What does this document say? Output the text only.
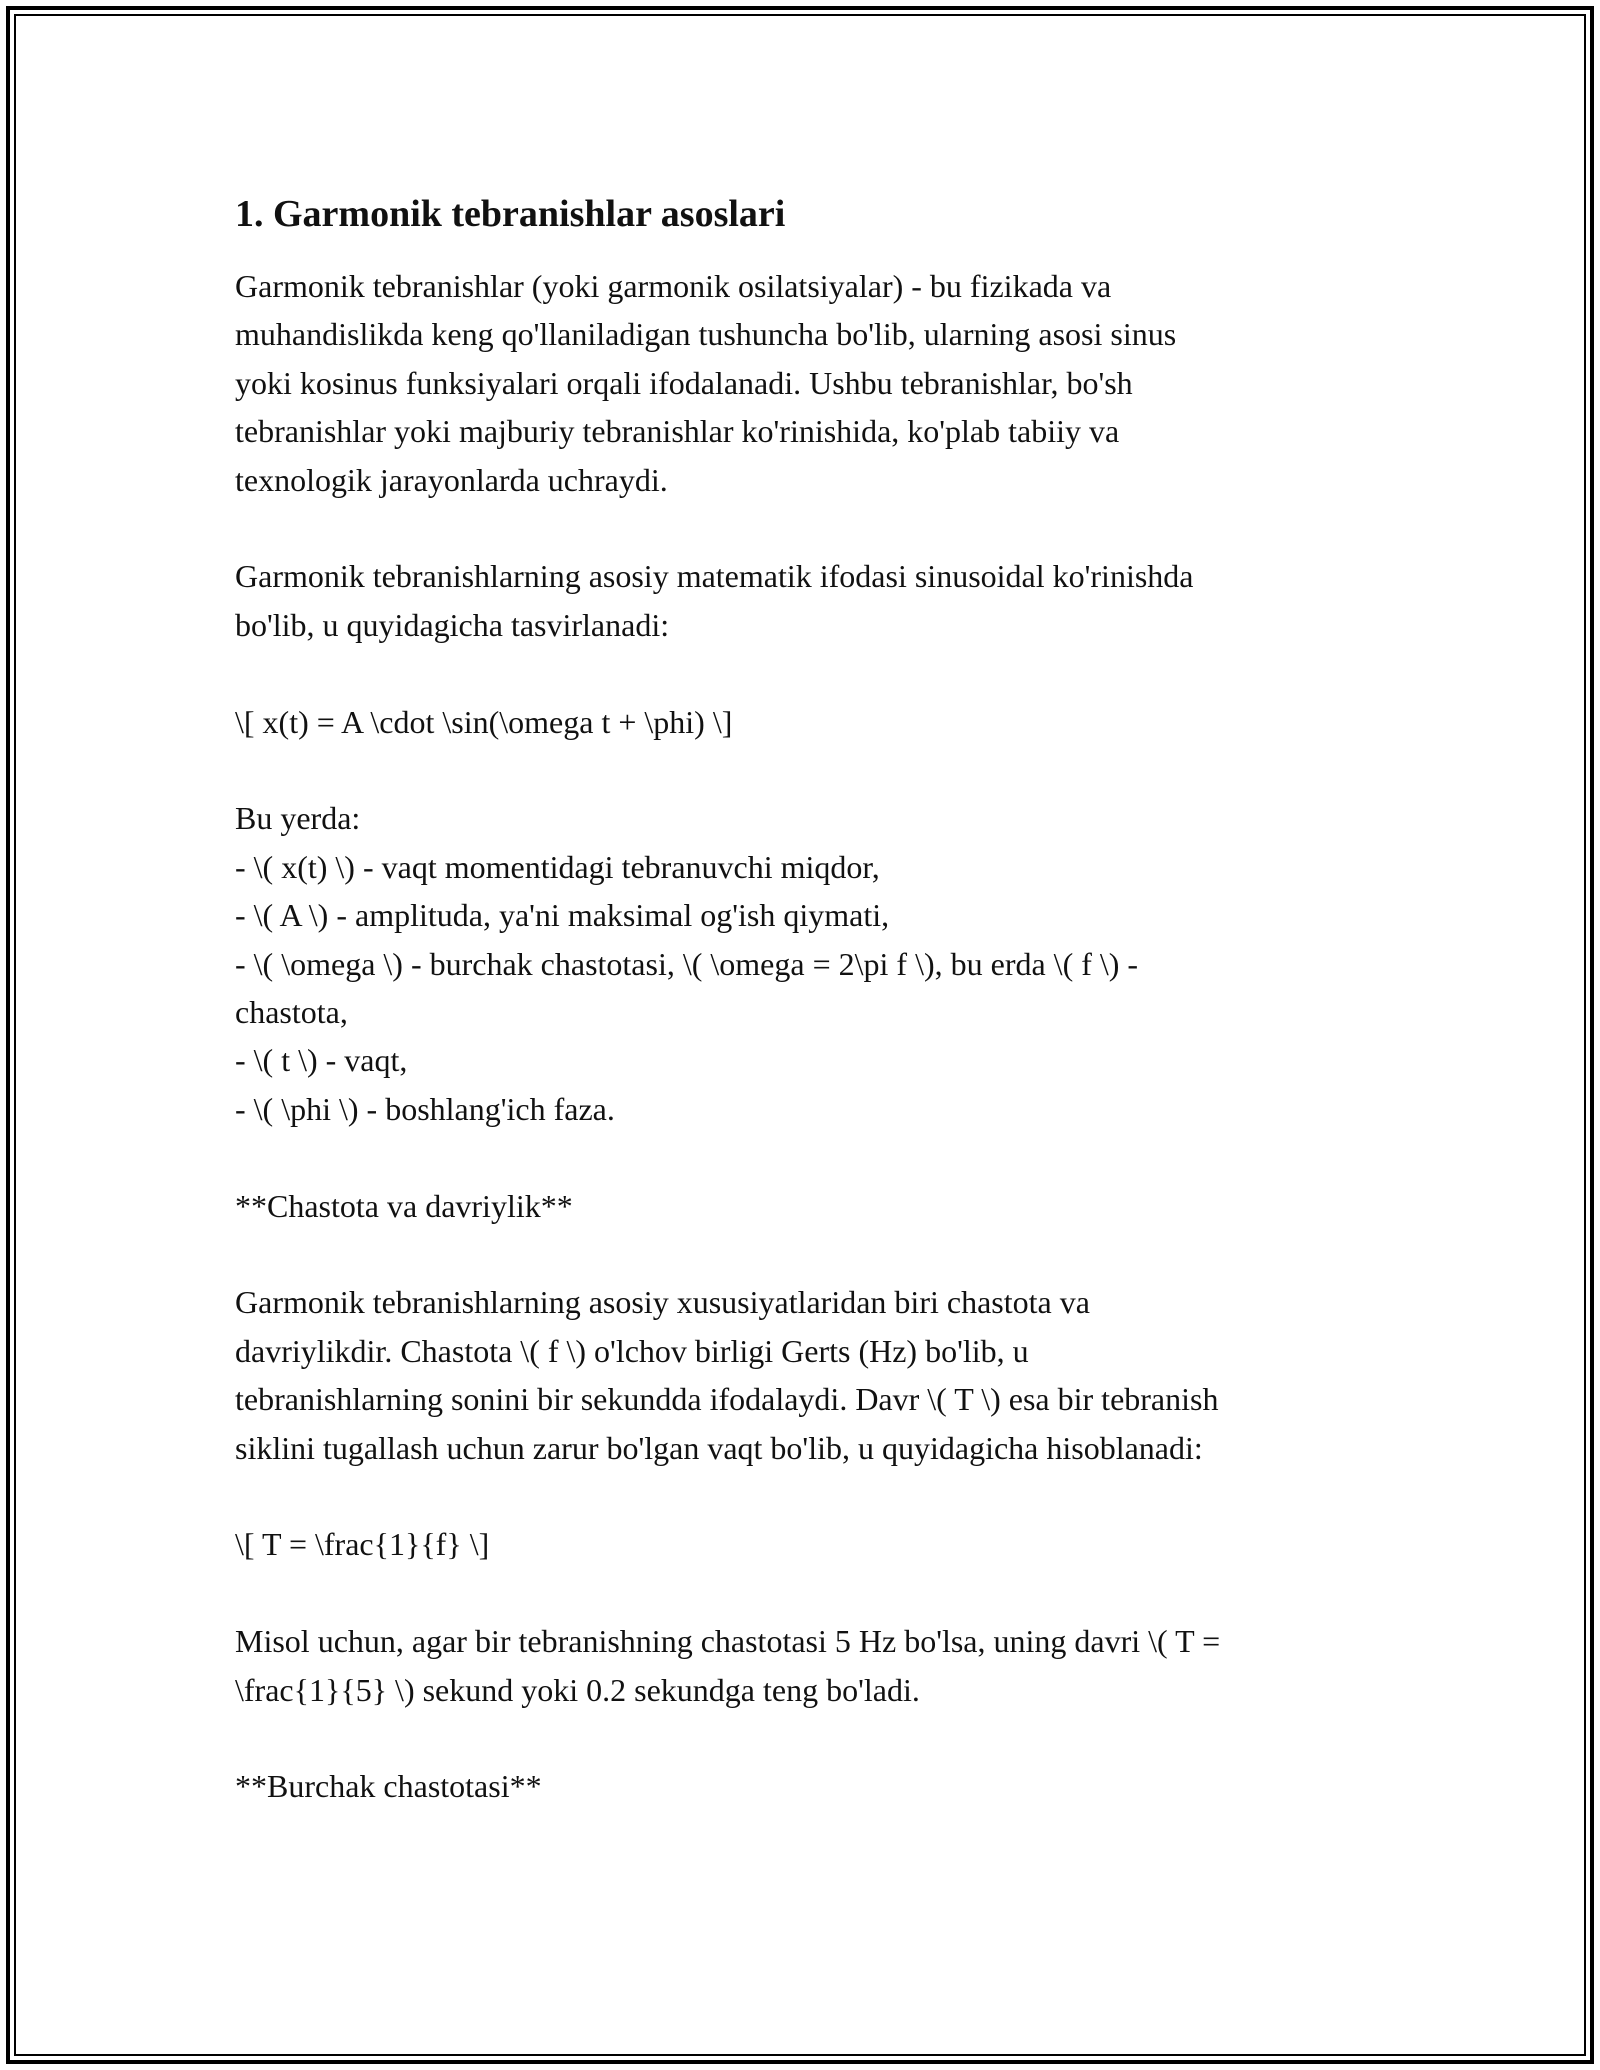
1. Garmonik tebranishlar asoslari
Garmonik tebranishlar (yoki garmonik osilatsiyalar) - bu fizikada va
muhandislikda keng qo'llaniladigan tushuncha bo'lib, ularning asosi sinus
yoki kosinus funksiyalari orqali ifodalanadi. Ushbu tebranishlar, bo'sh
tebranishlar yoki majburiy tebranishlar ko'rinishida, ko'plab tabiiy va
texnologik jarayonlarda uchraydi.
Garmonik tebranishlarning asosiy matematik ifodasi sinusoidal ko'rinishda
bo'lib, u quyidagicha tasvirlanadi:
\[ x(t) = A \cdot \sin(\omega t + \phi) \]
Bu yerda:
- \( x(t) \) - vaqt momentidagi tebranuvchi miqdor,
- \( A \) - amplituda, ya'ni maksimal og'ish qiymati,
- \( \omega \) - burchak chastotasi, \( \omega = 2\pi f \), bu erda \( f \) -
chastota,
- \( t \) - vaqt,
- \( \phi \) - boshlang'ich faza.
**Chastota va davriylik**
Garmonik tebranishlarning asosiy xususiyatlaridan biri chastota va
davriylikdir. Chastota \( f \) o'lchov birligi Gerts (Hz) bo'lib, u
tebranishlarning sonini bir sekundda ifodalaydi. Davr \( T \) esa bir tebranish
siklini tugallash uchun zarur bo'lgan vaqt bo'lib, u quyidagicha hisoblanadi:
\[ T = \frac{1}{f} \]
Misol uchun, agar bir tebranishning chastotasi 5 Hz bo'lsa, uning davri \( T =
\frac{1}{5} \) sekund yoki 0.2 sekundga teng bo'ladi.
**Burchak chastotasi**
